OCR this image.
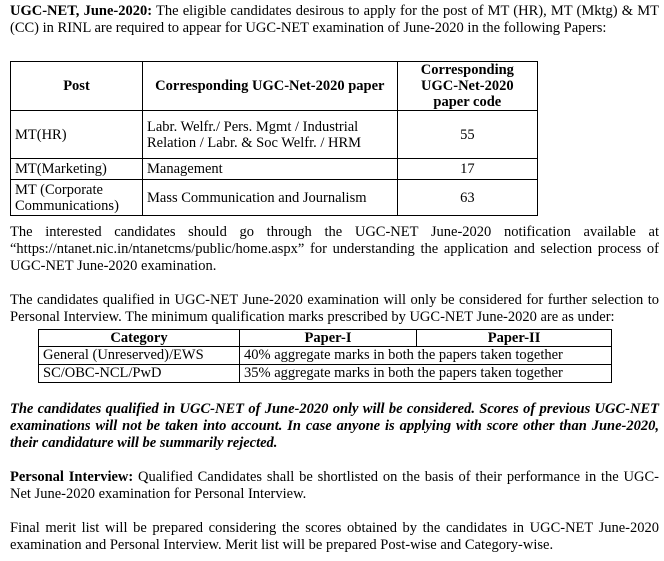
UGC-NET, June-2020: The eligible candidates desirous to apply for the post of MT (HR), MT (Mktg) & MT (CC) in RINL are required to appear for UGC-NET examination of June-2020 in the following Papers:

Post	Corresponding UGC-Net-2020 paper	Corresponding UGC-Net-2020 paper code
MT(HR)	Labr. Welfr./ Pers. Mgmt / Industrial Relation / Labr. & Soc Welfr. / HRM	55
MT(Marketing)	Management	17
MT (Corporate Communications)	Mass Communication and Journalism	63

The interested candidates should go through the UGC-NET June-2020 notification available at “https://ntanet.nic.in/ntanetcms/public/home.aspx” for understanding the application and selection process of UGC-NET June-2020 examination.

The candidates qualified in UGC-NET June-2020 examination will only be considered for further selection to Personal Interview. The minimum qualification marks prescribed by UGC-NET June-2020 are as under:

Category	Paper-I	Paper-II
General (Unreserved)/EWS	40% aggregate marks in both the papers taken together	
SC/OBC-NCL/PwD	35% aggregate marks in both the papers taken together	

The candidates qualified in UGC-NET of June-2020 only will be considered. Scores of previous UGC-NET examinations will not be taken into account. In case anyone is applying with score other than June-2020, their candidature will be summarily rejected.

Personal Interview: Qualified Candidates shall be shortlisted on the basis of their performance in the UGC-Net June-2020 examination for Personal Interview.

Final merit list will be prepared considering the scores obtained by the candidates in UGC-NET June-2020 examination and Personal Interview. Merit list will be prepared Post-wise and Category-wise.
